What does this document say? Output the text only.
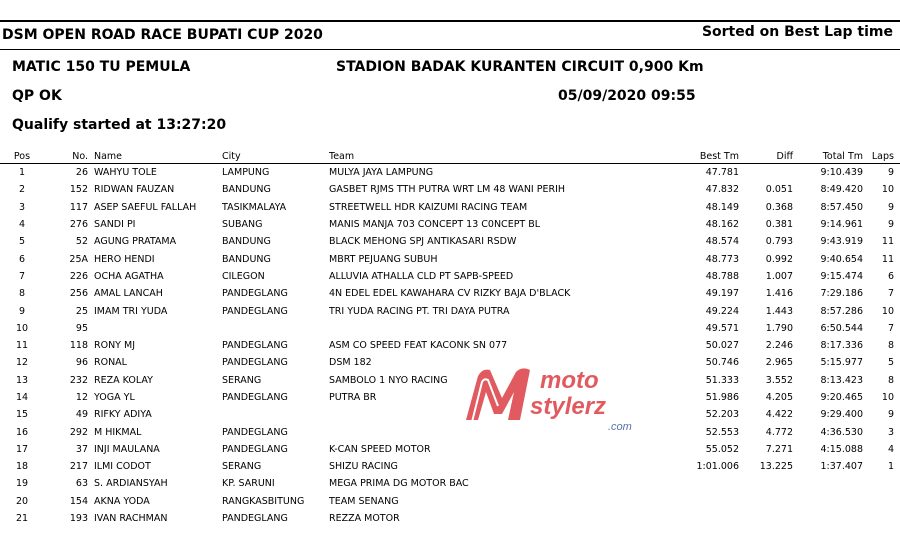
DSM OPEN ROAD RACE BUPATI CUP 2020	Sorted on Best Lap time
MATIC 150 TU PEMULA	STADION BADAK KURANTEN CIRCUIT 0,900 Km
QP OK	05/09/2020 09:55
Qualify started at 13:27:20
Pos	No.	Name	City	Team	Best Tm	Diff	Total Tm	Laps
1	26	WAHYU TOLE	LAMPUNG	MULYA JAYA LAMPUNG	47.781		9:10.439	9
2	152	RIDWAN FAUZAN	BANDUNG	GASBET RJMS TTH PUTRA WRT LM 48 WANI PERIH	47.832	0.051	8:49.420	10
3	117	ASEP SAEFUL FALLAH	TASIKMALAYA	STREETWELL HDR KAIZUMI RACING TEAM	48.149	0.368	8:57.450	9
4	276	SANDI PI	SUBANG	MANIS MANJA 703 CONCEPT 13 C0NCEPT BL	48.162	0.381	9:14.961	9
5	52	AGUNG PRATAMA	BANDUNG	BLACK MEHONG SPJ ANTIKASARI RSDW	48.574	0.793	9:43.919	11
6	25A	HERO HENDI	BANDUNG	MBRT PEJUANG SUBUH	48.773	0.992	9:40.654	11
7	226	OCHA AGATHA	CILEGON	ALLUVIA ATHALLA CLD PT SAPB-SPEED	48.788	1.007	9:15.474	6
8	256	AMAL LANCAH	PANDEGLANG	4N EDEL EDEL KAWAHARA CV RIZKY BAJA D'BLACK	49.197	1.416	7:29.186	7
9	25	IMAM TRI YUDA	PANDEGLANG	TRI YUDA RACING PT. TRI DAYA PUTRA	49.224	1.443	8:57.286	10
10	95				49.571	1.790	6:50.544	7
11	118	RONY MJ	PANDEGLANG	ASM CO SPEED FEAT KACONK SN 077	50.027	2.246	8:17.336	8
12	96	RONAL	PANDEGLANG	DSM 182	50.746	2.965	5:15.977	5
13	232	REZA KOLAY	SERANG	SAMBOLO 1 NYO RACING	51.333	3.552	8:13.423	8
14	12	YOGA YL	PANDEGLANG	PUTRA BR	51.986	4.205	9:20.465	10
15	49	RIFKY ADIYA			52.203	4.422	9:29.400	9
16	292	M HIKMAL	PANDEGLANG		52.553	4.772	4:36.530	3
17	37	INJI MAULANA	PANDEGLANG	K-CAN SPEED MOTOR	55.052	7.271	4:15.088	4
18	217	ILMI CODOT	SERANG	SHIZU RACING	1:01.006	13.225	1:37.407	1
19	63	S. ARDIANSYAH	KP. SARUNI	MEGA PRIMA DG MOTOR BAC				
20	154	AKNA YODA	RANGKASBITUNG	TEAM SENANG				
21	193	IVAN RACHMAN	PANDEGLANG	REZZA MOTOR				
moto
stylerz
.com
